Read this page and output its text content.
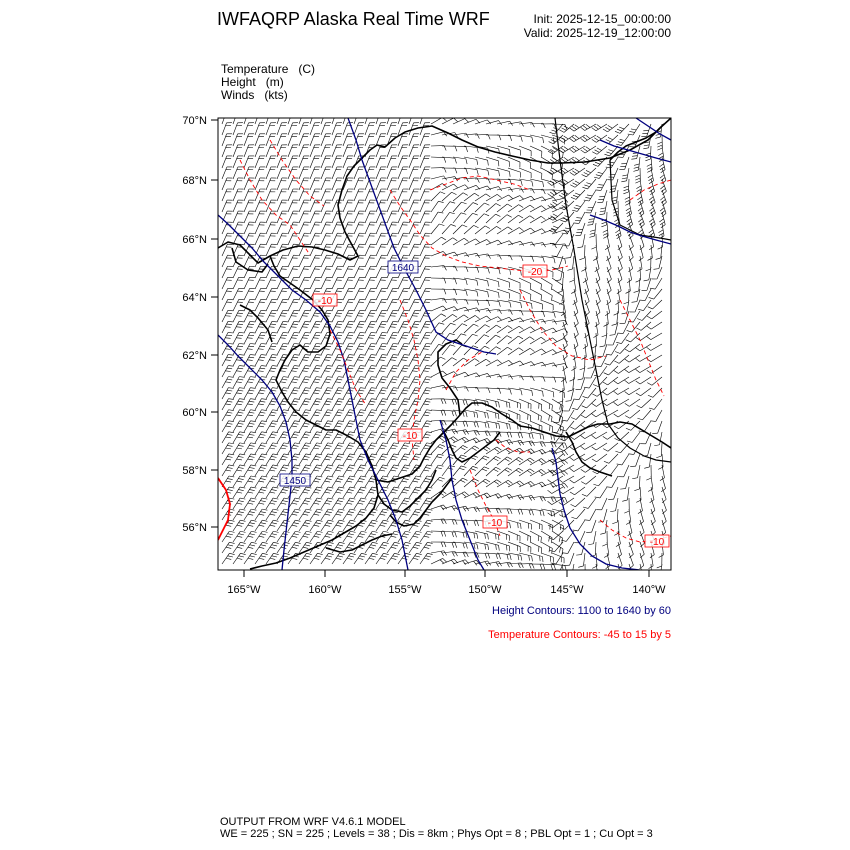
IWFAQRP Alaska Real Time WRF	Init: 2025-12-15_00:00:00
Valid: 2025-12-19_12:00:00
Temperature (C)
Height (m)
Winds (kts)
1640
1450
-20
-10
-10
-10
-10
70°N
68°N
66°N
64°N
62°N
60°N
58°N
56°N
165°W	160°W	155°W	150°W	145°W	140°W
Height Contours: 1100 to 1640 by 60
Temperature Contours: -45 to 15 by 5
OUTPUT FROM WRF V4.6.1 MODEL
WE = 225 ; SN = 225 ; Levels = 38 ; Dis = 8km ; Phys Opt = 8 ; PBL Opt = 1 ; Cu Opt = 3
